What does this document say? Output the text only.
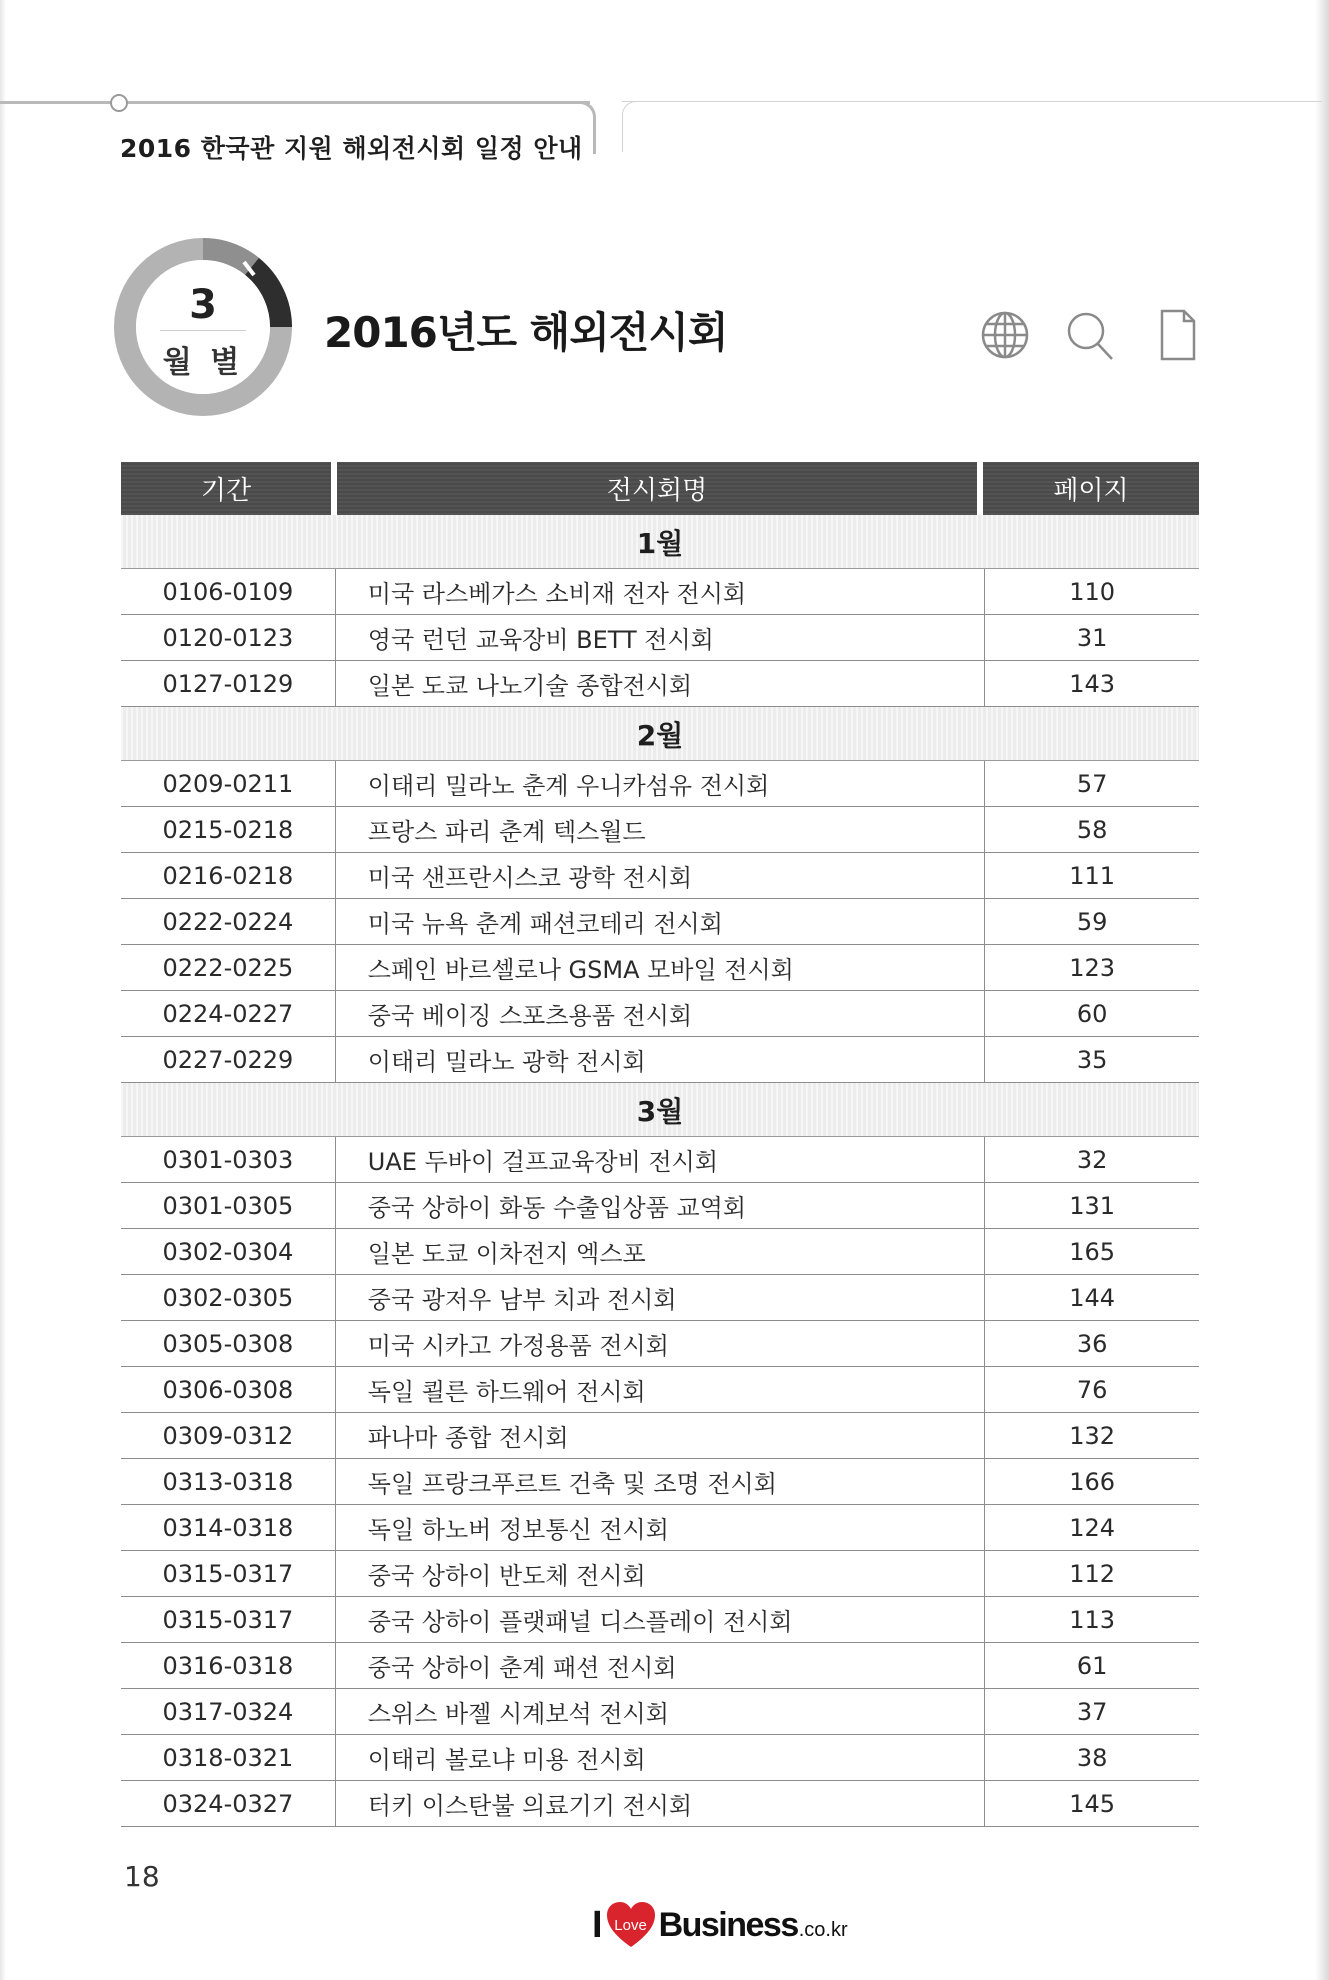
2016 한국관 지원 해외전시회 일정 안내
3
월 별
2016년도 해외전시회
기간	전시회명	페이지
1월
0106-0109	미국 라스베가스 소비재 전자 전시회	110
0120-0123	영국 런던 교육장비 BETT 전시회	31
0127-0129	일본 도쿄 나노기술 종합전시회	143
2월
0209-0211	이태리 밀라노 춘계 우니카섬유 전시회	57
0215-0218	프랑스 파리 춘계 텍스월드	58
0216-0218	미국 샌프란시스코 광학 전시회	111
0222-0224	미국 뉴욕 춘계 패션코테리 전시회	59
0222-0225	스페인 바르셀로나 GSMA 모바일 전시회	123
0224-0227	중국 베이징 스포츠용품 전시회	60
0227-0229	이태리 밀라노 광학 전시회	35
3월
0301-0303	UAE 두바이 걸프교육장비 전시회	32
0301-0305	중국 상하이 화동 수출입상품 교역회	131
0302-0304	일본 도쿄 이차전지 엑스포	165
0302-0305	중국 광저우 남부 치과 전시회	144
0305-0308	미국 시카고 가정용품 전시회	36
0306-0308	독일 쾰른 하드웨어 전시회	76
0309-0312	파나마 종합 전시회	132
0313-0318	독일 프랑크푸르트 건축 및 조명 전시회	166
0314-0318	독일 하노버 정보통신 전시회	124
0315-0317	중국 상하이 반도체 전시회	112
0315-0317	중국 상하이 플랫패널 디스플레이 전시회	113
0316-0318	중국 상하이 춘계 패션 전시회	61
0317-0324	스위스 바젤 시계보석 전시회	37
0318-0321	이태리 볼로냐 미용 전시회	38
0324-0327	터키 이스탄불 의료기기 전시회	145
18
I Love Business .co.kr
